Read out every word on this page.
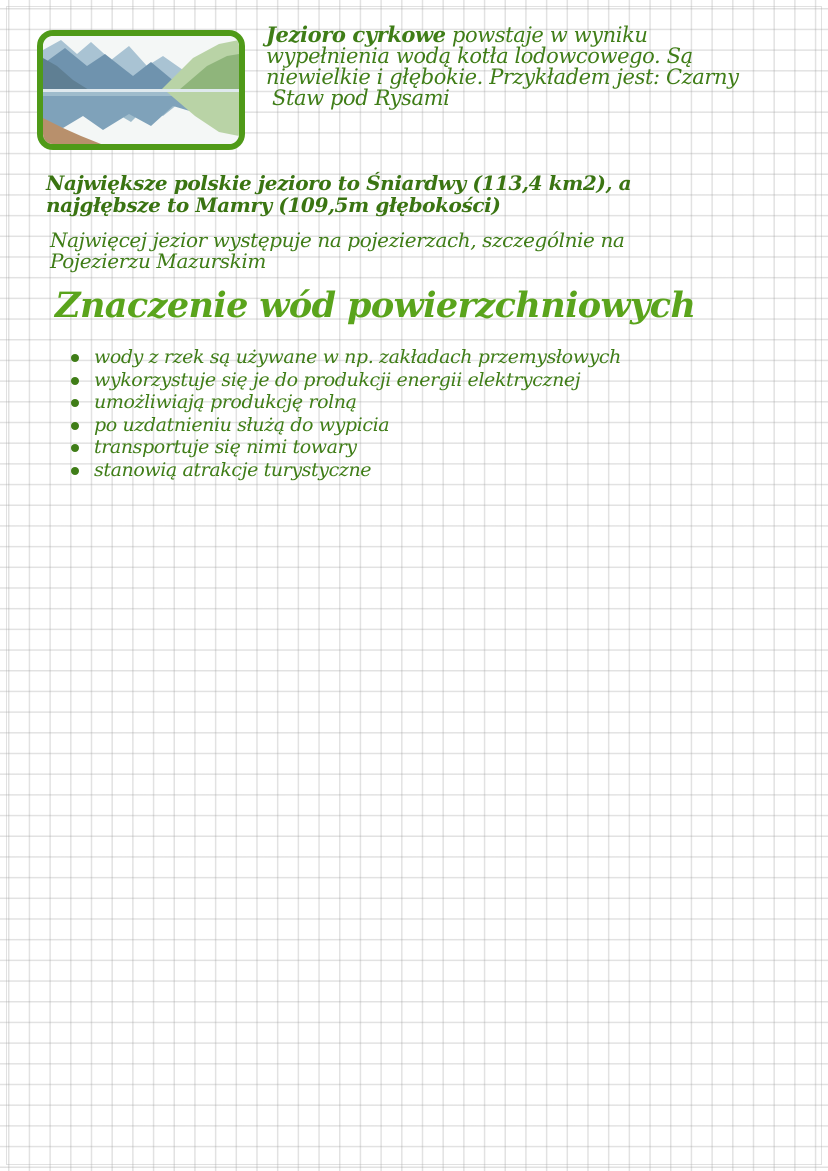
Jezioro cyrkowe powstaje w wyniku
wypełnienia wodą kotła lodowcowego. Są
niewielkie i głębokie. Przykładem jest: Czarny
Staw pod Rysami
Największe polskie jezioro to Śniardwy (113,4 km2), a
najgłębsze to Mamry (109,5m głębokości)
Najwięcej jezior występuje na pojezierzach, szczególnie na
Pojezierzu Mazurskim
Znaczenie wód powierzchniowych
wody z rzek są używane w np. zakładach przemysłowych
wykorzystuje się je do produkcji energii elektrycznej
umożliwiają produkcję rolną
po uzdatnieniu służą do wypicia
transportuje się nimi towary
stanowią atrakcje turystyczne
